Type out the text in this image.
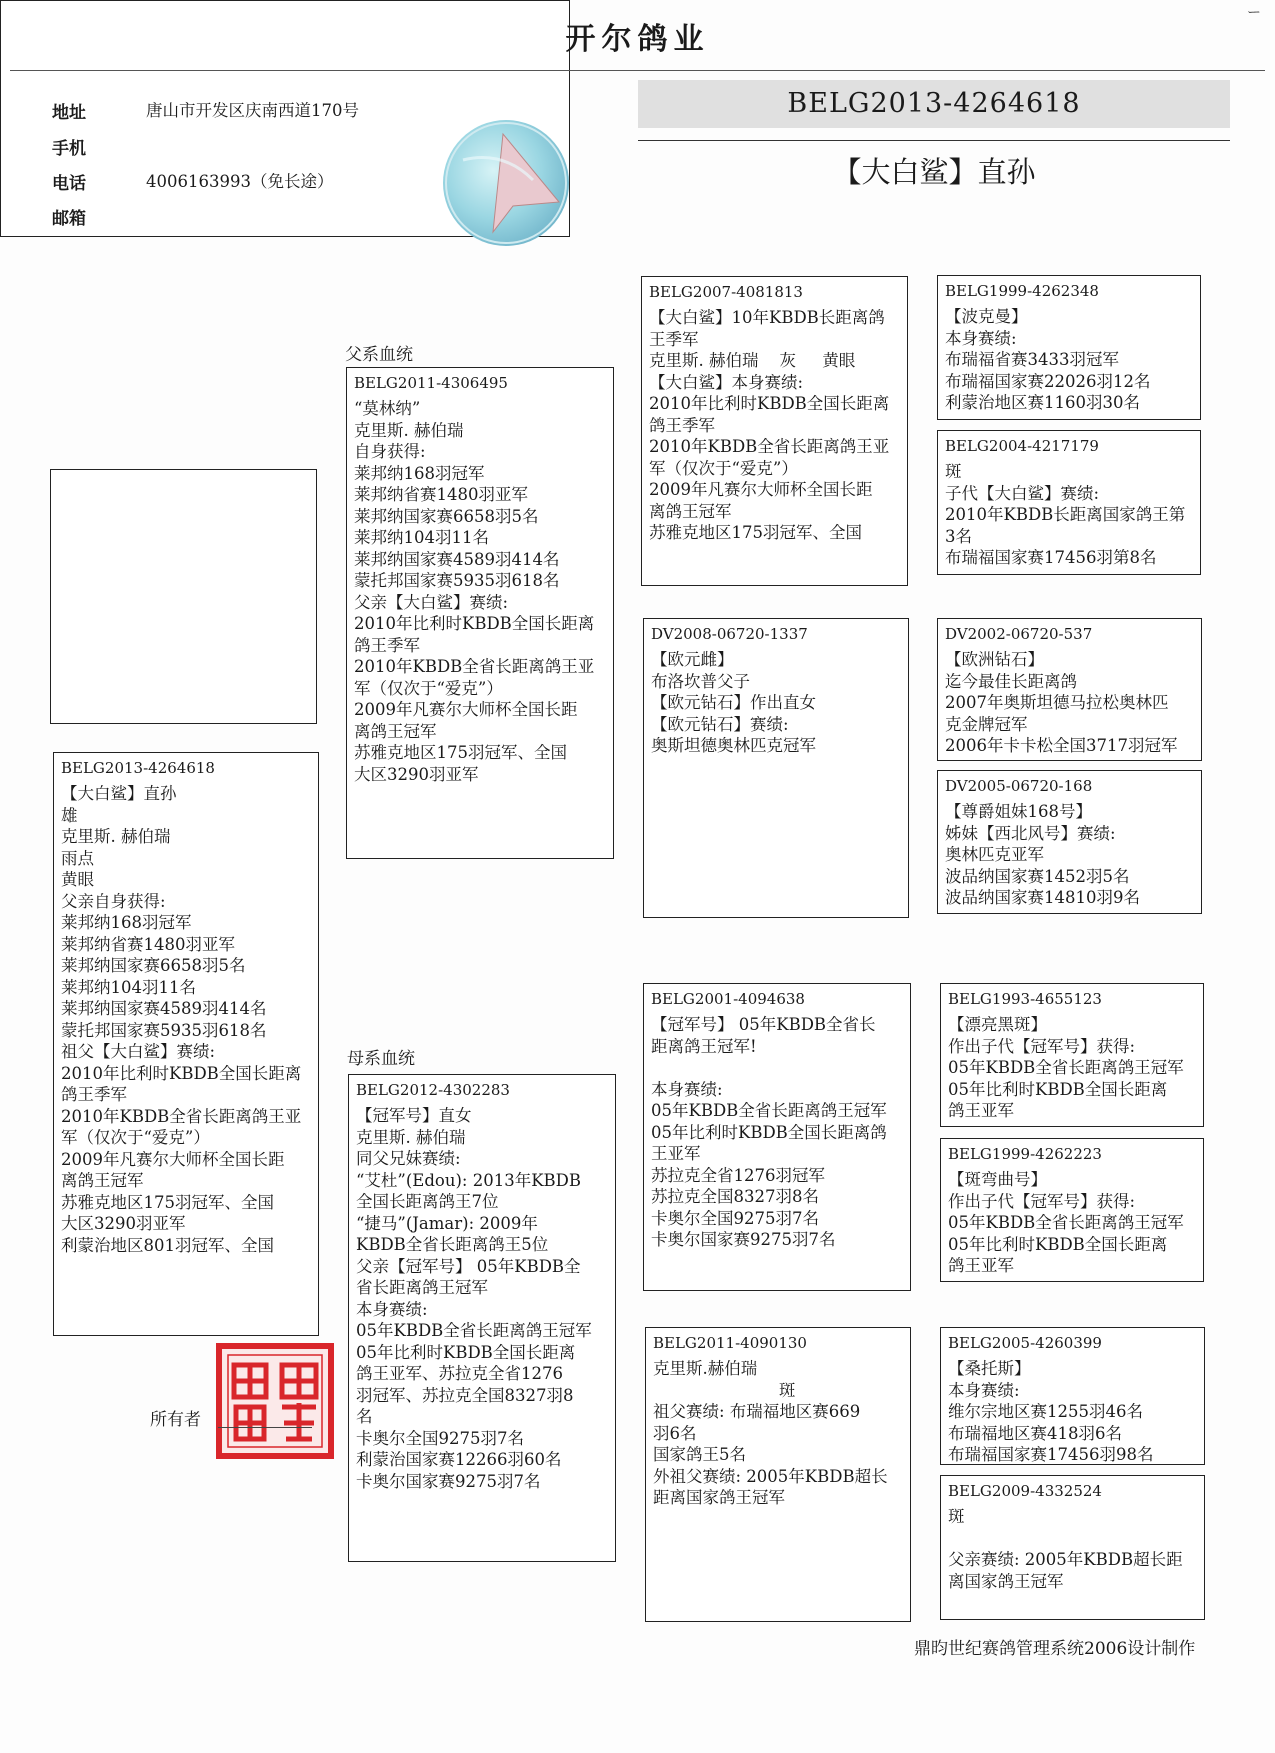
开尔鸽业
地址	唐山市开发区庆南西道170号
手机
电话	4006163993（免长途）
邮箱
BELG2013-4264618
【大白鲨】直孙
父系血统
母系血统
BELG2013-4264618
【大白鲨】直孙
雄
克里斯. 赫伯瑞
雨点
黄眼
父亲自身获得:
莱邦纳168羽冠军
莱邦纳省赛1480羽亚军
莱邦纳国家赛6658羽5名
莱邦纳104羽11名
莱邦纳国家赛4589羽414名
蒙托邦国家赛5935羽618名
祖父【大白鲨】赛绩:
2010年比利时KBDB全国长距离
鸽王季军
2010年KBDB全省长距离鸽王亚
军（仅次于“爱克”）
2009年凡赛尔大师杯全国长距
离鸽王冠军
苏雅克地区175羽冠军、全国
大区3290羽亚军
利蒙治地区801羽冠军、全国
BELG2011-4306495
“莫林纳”
克里斯. 赫伯瑞
自身获得:
莱邦纳168羽冠军
莱邦纳省赛1480羽亚军
莱邦纳国家赛6658羽5名
莱邦纳104羽11名
莱邦纳国家赛4589羽414名
蒙托邦国家赛5935羽618名
父亲【大白鲨】赛绩:
2010年比利时KBDB全国长距离
鸽王季军
2010年KBDB全省长距离鸽王亚
军（仅次于“爱克”）
2009年凡赛尔大师杯全国长距
离鸽王冠军
苏雅克地区175羽冠军、全国
大区3290羽亚军
BELG2012-4302283
【冠军号】直女
克里斯. 赫伯瑞
同父兄妹赛绩:
“艾杜”(Edou): 2013年KBDB
全国长距离鸽王7位
“捷马”(Jamar): 2009年
KBDB全省长距离鸽王5位
父亲【冠军号】 05年KBDB全
省长距离鸽王冠军
本身赛绩:
05年KBDB全省长距离鸽王冠军
05年比利时KBDB全国长距离
鸽王亚军、苏拉克全省1276
羽冠军、苏拉克全国8327羽8
名
卡奥尔全国9275羽7名
利蒙治国家赛12266羽60名
卡奥尔国家赛9275羽7名
BELG2007-4081813
【大白鲨】10年KBDB长距离鸽
王季军
克里斯. 赫伯瑞    灰     黄眼
【大白鲨】本身赛绩:
2010年比利时KBDB全国长距离
鸽王季军
2010年KBDB全省长距离鸽王亚
军（仅次于“爱克”）
2009年凡赛尔大师杯全国长距
离鸽王冠军
苏雅克地区175羽冠军、全国
DV2008-06720-1337
【欧元雌】
布洛坎普父子
【欧元钻石】作出直女
【欧元钻石】赛绩:
奥斯坦德奥林匹克冠军
BELG2001-4094638
【冠军号】 05年KBDB全省长
距离鸽王冠军!
本身赛绩:
05年KBDB全省长距离鸽王冠军
05年比利时KBDB全国长距离鸽
王亚军
苏拉克全省1276羽冠军
苏拉克全国8327羽8名
卡奥尔全国9275羽7名
卡奥尔国家赛9275羽7名
BELG2011-4090130
克里斯.赫伯瑞
斑
祖父赛绩: 布瑞福地区赛669
羽6名
国家鸽王5名
外祖父赛绩: 2005年KBDB超长
距离国家鸽王冠军
BELG1999-4262348
【波克曼】
本身赛绩:
布瑞福省赛3433羽冠军
布瑞福国家赛22026羽12名
利蒙治地区赛1160羽30名
BELG2004-4217179
斑
子代【大白鲨】赛绩:
2010年KBDB长距离国家鸽王第
3名
布瑞福国家赛17456羽第8名
DV2002-06720-537
【欧洲钻石】
迄今最佳长距离鸽
2007年奥斯坦德马拉松奥林匹
克金牌冠军
2006年卡卡松全国3717羽冠军
DV2005-06720-168
【尊爵姐妹168号】
姊妹【西北风号】赛绩:
奥林匹克亚军
波品纳国家赛1452羽5名
波品纳国家赛14810羽9名
BELG1993-4655123
【漂亮黑斑】
作出子代【冠军号】获得:
05年KBDB全省长距离鸽王冠军
05年比利时KBDB全国长距离
鸽王亚军
BELG1999-4262223
【斑弯曲号】
作出子代【冠军号】获得:
05年KBDB全省长距离鸽王冠军
05年比利时KBDB全国长距离
鸽王亚军
BELG2005-4260399
【桑托斯】
本身赛绩:
维尔宗地区赛1255羽46名
布瑞福地区赛418羽6名
布瑞福国家赛17456羽98名
BELG2009-4332524
斑
父亲赛绩: 2005年KBDB超长距
离国家鸽王冠军
所有者
鼎昀世纪赛鸽管理系统2006设计制作
ー
